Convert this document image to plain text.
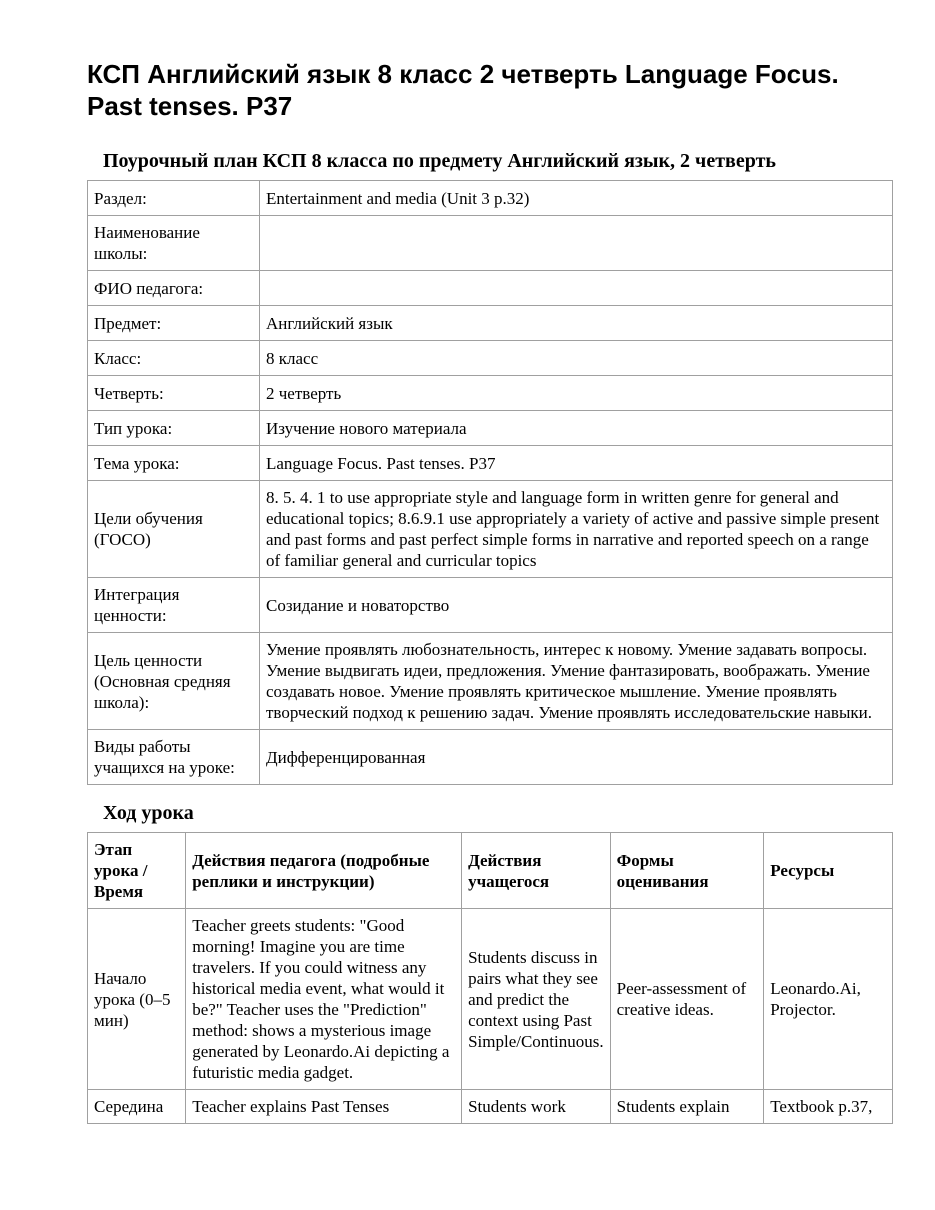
КСП Английский язык 8 класс 2 четверть Language Focus. Past tenses. P37
Поурочный план КСП 8 класса по предмету Английский язык, 2 четверть
Раздел:	Entertainment and media (Unit 3 p.32)
Наименование школы:	
ФИО педагога:	
Предмет:	Английский язык
Класс:	8 класс
Четверть:	2 четверть
Тип урока:	Изучение нового материала
Тема урока:	Language Focus. Past tenses. P37
Цели обучения (ГОСО)	8. 5. 4. 1 to use appropriate style and language form in written genre for general and educational topics; 8.6.9.1 use appropriately a variety of active and passive simple present and past forms and past perfect simple forms in narrative and reported speech on a range of familiar general and curricular topics
Интеграция ценности:	Созидание и новаторство
Цель ценности (Основная средняя школа):	Умение проявлять любознательность, интерес к новому. Умение задавать вопросы. Умение выдвигать идеи, предложения. Умение фантазировать, воображать. Умение создавать новое. Умение проявлять критическое мышление. Умение проявлять творческий подход к решению задач. Умение проявлять исследовательские навыки.
Виды работы учащихся на уроке:	Дифференцированная
Ход урока
Этап урока / Время	Действия педагога (подробные реплики и инструкции)	Действия учащегося	Формы оценивания	Ресурсы
Начало урока (0–5 мин)	Teacher greets students: "Good morning! Imagine you are time travelers. If you could witness any historical media event, what would it be?" Teacher uses the "Prediction" method: shows a mysterious image generated by Leonardo.Ai depicting a futuristic media gadget.	Students discuss in pairs what they see and predict the context using Past Simple/Continuous.	Peer-assessment of creative ideas.	Leonardo.Ai, Projector.
Середина	Teacher explains Past Tenses	Students work	Students explain	Textbook p.37,
